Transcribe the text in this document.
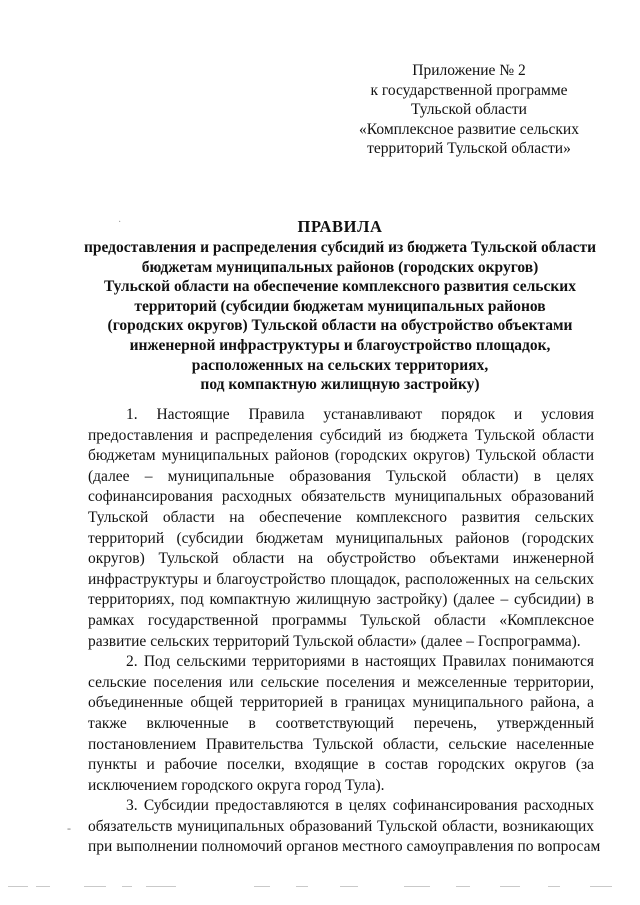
·
Приложение № 2
к государственной программе
Тульской области
«Комплексное развитие сельских
территорий Тульской области»
ПРАВИЛА
предоставления и распределения субсидий из бюджета Тульской области
бюджетам муниципальных районов (городских округов)
Тульской области на обеспечение комплексного развития сельских
территорий (субсидии бюджетам муниципальных районов
(городских округов) Тульской области на обустройство объектами
инженерной инфраструктуры и благоустройство площадок,
расположенных на сельских территориях,
под компактную жилищную застройку)
1. Настоящие Правила устанавливают порядок и условия
предоставления и распределения субсидий из бюджета Тульской области
бюджетам муниципальных районов (городских округов) Тульской области
(далее – муниципальные образования Тульской области) в целях
софинансирования расходных обязательств муниципальных образований
Тульской области на обеспечение комплексного развития сельских
территорий (субсидии бюджетам муниципальных районов (городских
округов) Тульской области на обустройство объектами инженерной
инфраструктуры и благоустройство площадок, расположенных на сельских
территориях, под компактную жилищную застройку) (далее – субсидии) в
рамках государственной программы Тульской области «Комплексное
развитие сельских территорий Тульской области» (далее – Госпрограмма).
2. Под сельскими территориями в настоящих Правилах понимаются
сельские поселения или сельские поселения и межселенные территории,
объединенные общей территорией в границах муниципального района, а
также включенные в соответствующий перечень, утвержденный
постановлением Правительства Тульской области, сельские населенные
пункты и рабочие поселки, входящие в состав городских округов (за
исключением городского округа город Тула).
3. Субсидии предоставляются в целях софинансирования расходных
обязательств муниципальных образований Тульской области, возникающих
при выполнении полномочий органов местного самоуправления по вопросам
-
